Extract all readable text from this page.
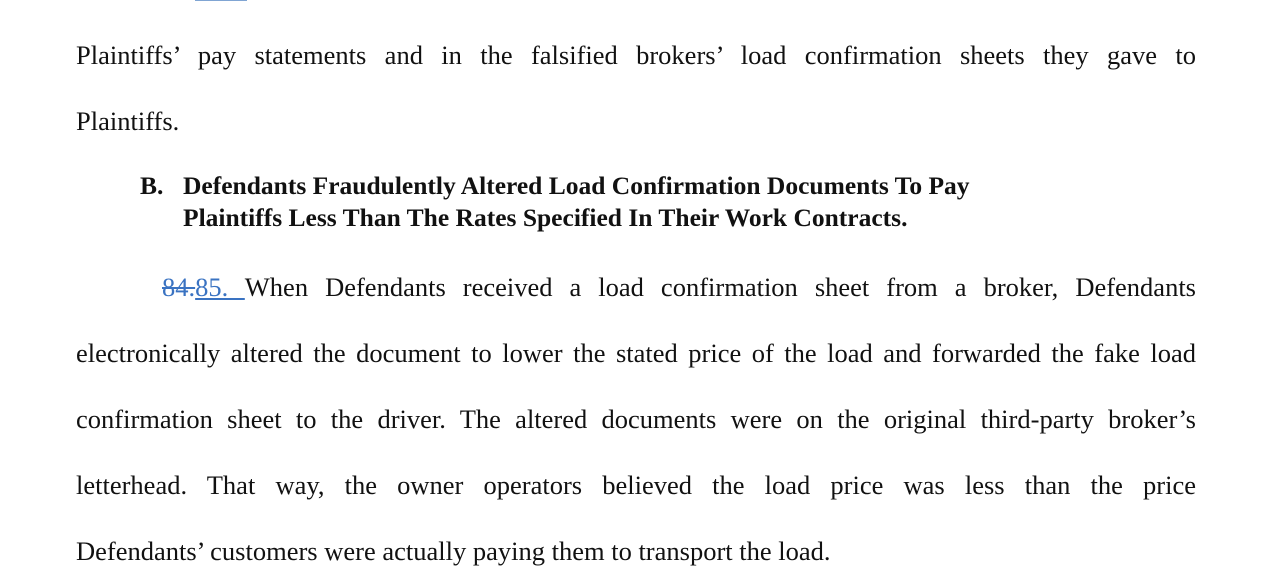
Plaintiffs’ pay statements and in the falsified brokers’ load confirmation sheets they gave to
Plaintiffs.
B. Defendants Fraudulently Altered Load Confirmation Documents To Pay
Plaintiffs Less Than The Rates Specified In Their Work Contracts.
84.85. When Defendants received a load confirmation sheet from a broker, Defendants
electronically altered the document to lower the stated price of the load and forwarded the fake load
confirmation sheet to the driver. The altered documents were on the original third-party broker’s
letterhead. That way, the owner operators believed the load price was less than the price
Defendants’ customers were actually paying them to transport the load.
